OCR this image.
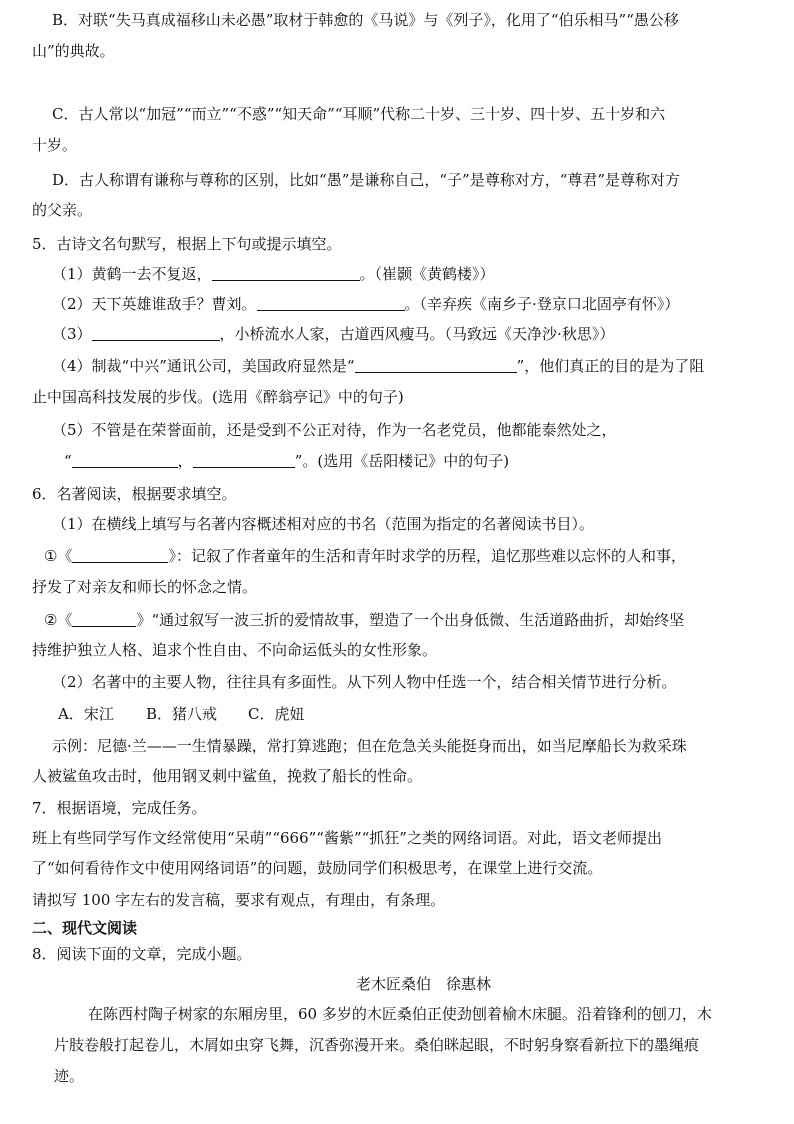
B．对联“失马真成福移山未必愚”取材于韩愈的《马说》与《列子》，化用了“伯乐相马”“愚公移
山”的典故。
C．古人常以“加冠”“而立”“不惑”“知天命”“耳顺”代称二十岁、三十岁、四十岁、五十岁和六
十岁。
D．古人称谓有谦称与尊称的区别，比如“愚”是谦称自己，“子”是尊称对方，“尊君”是尊称对方
的父亲。
5．古诗文名句默写，根据上下句或提示填空。
（1）黄鹤一去不复返，	。（崔颢《黄鹤楼》）
（2）天下英雄谁敌手？曹刘。	。（辛弃疾《南乡子·登京口北固亭有怀》）
（3）	，小桥流水人家，古道西风瘦马。（马致远《天净沙·秋思》）
（4）制裁“中兴”通讯公司，美国政府显然是“	”，他们真正的目的是为了阻
止中国高科技发展的步伐。(选用《醉翁亭记》中的句子)
（5）不管是在荣誉面前，还是受到不公正对待，作为一名老党员，他都能泰然处之，
“	，	”。(选用《岳阳楼记》中的句子)
6．名著阅读，根据要求填空。
（1）在横线上填写与名著内容概述相对应的书名（范围为指定的名著阅读书目）。
①《	》：记叙了作者童年的生活和青年时求学的历程，追忆那些难以忘怀的人和事，
抒发了对亲友和师长的怀念之情。
②《	》“通过叙写一波三折的爱情故事，塑造了一个出身低微、生活道路曲折，却始终坚
持维护独立人格、追求个性自由、不向命运低头的女性形象。
（2）名著中的主要人物，往往具有多面性。从下列人物中任选一个，结合相关情节进行分析。
A．宋江 B．猪八戒 C．虎妞
示例：尼德·兰——一生情暴躁，常打算逃跑；但在危急关头能挺身而出，如当尼摩船长为救采珠
人被鲨鱼攻击时，他用钢叉刺中鲨鱼，挽救了船长的性命。
7．根据语境，完成任务。
班上有些同学写作文经常使用“呆萌”“666”“酱紫”“抓狂”之类的网络词语。对此，语文老师提出
了“如何看待作文中使用网络词语”的问题，鼓励同学们积极思考，在课堂上进行交流。
请拟写 100 字左右的发言稿，要求有观点，有理由，有条理。
二、现代文阅读
8．阅读下面的文章，完成小题。
老木匠桑伯　徐惠林
在陈西村陶子树家的东厢房里，60 多岁的木匠桑伯正使劲刨着榆木床腿。沿着锋利的刨刀，木
片肢卷般打起卷儿，木屑如虫穿飞舞，沉香弥漫开来。桑伯眯起眼，不时躬身察看新拉下的墨绳痕
迹。
